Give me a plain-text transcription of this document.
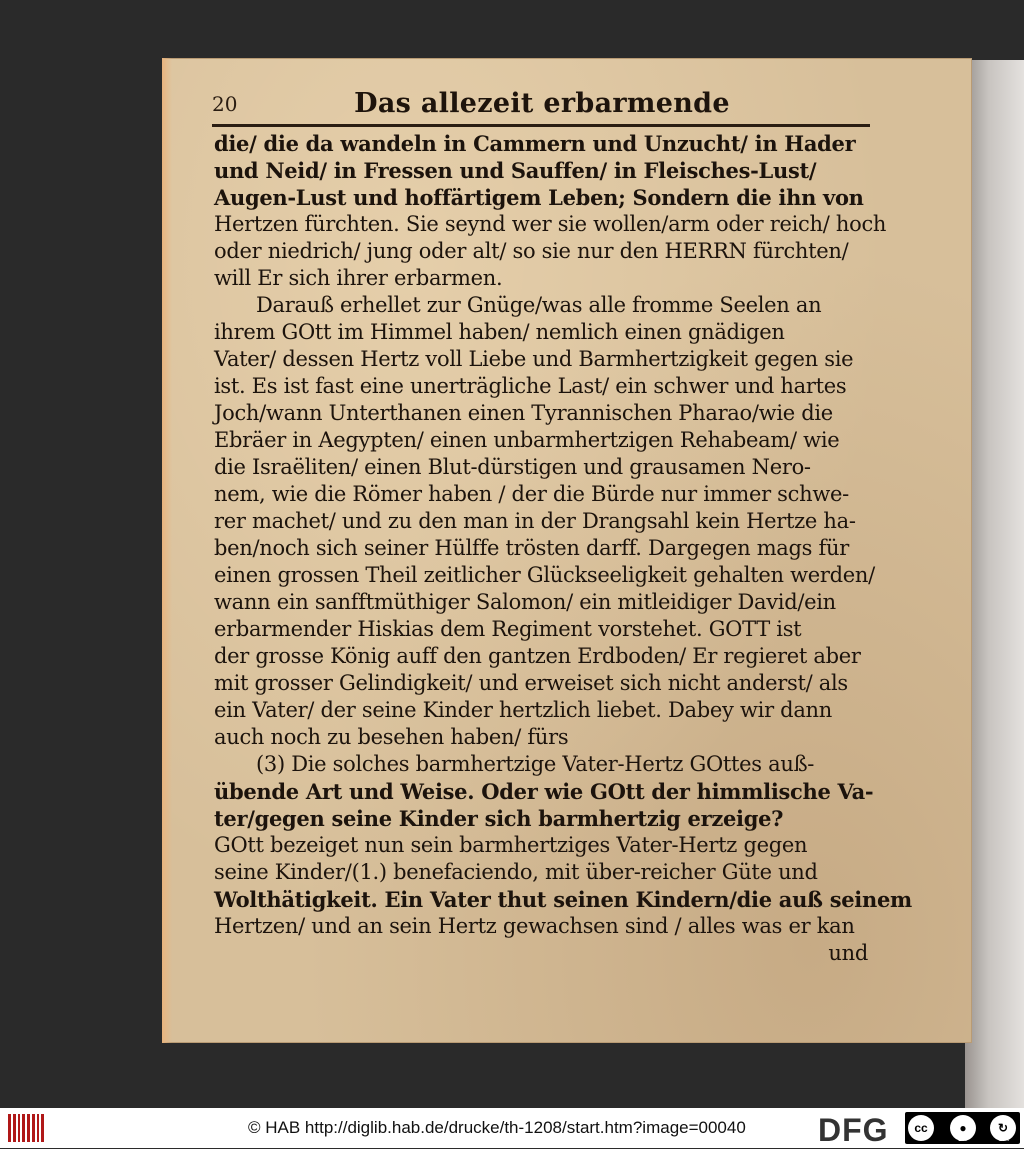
20	Das allezeit erbarmende
die/ die da wandeln in Cammern und Unzucht/ in Hader
und Neid/ in Fressen und Sauffen/ in Fleisches-Lust/
Augen-Lust und hoffärtigem Leben; Sondern die ihn von
Hertzen fürchten. Sie seynd wer sie wollen/arm oder reich/ hoch
oder niedrich/ jung oder alt/ so sie nur den HERRN fürchten/
will Er sich ihrer erbarmen.
Darauß erhellet zur Gnüge/was alle fromme Seelen an
ihrem GOtt im Himmel haben/ nemlich einen gnädigen
Vater/ dessen Hertz voll Liebe und Barmhertzigkeit gegen sie
ist. Es ist fast eine unerträgliche Last/ ein schwer und hartes
Joch/wann Unterthanen einen Tyrannischen Pharao/wie die
Ebräer in Aegypten/ einen unbarmhertzigen Rehabeam/ wie
die Israëliten/ einen Blut-dürstigen und grausamen Nero-
nem, wie die Römer haben / der die Bürde nur immer schwe-
rer machet/ und zu den man in der Drangsahl kein Hertze ha-
ben/noch sich seiner Hülffe trösten darff. Dargegen mags für
einen grossen Theil zeitlicher Glückseeligkeit gehalten werden/
wann ein sanfftmüthiger Salomon/ ein mitleidiger David/ein
erbarmender Hiskias dem Regiment vorstehet. GOTT ist
der grosse König auff den gantzen Erdboden/ Er regieret aber
mit grosser Gelindigkeit/ und erweiset sich nicht anderst/ als
ein Vater/ der seine Kinder hertzlich liebet. Dabey wir dann
auch noch zu besehen haben/ fürs
(3) Die solches barmhertzige Vater-Hertz GOttes auß-
übende Art und Weise. Oder wie GOtt der himmlische Va-
ter/gegen seine Kinder sich barmhertzig erzeige?
GOtt bezeiget nun sein barmhertziges Vater-Hertz gegen
seine Kinder/(1.) benefaciendo, mit über-reicher Güte und
Wolthätigkeit. Ein Vater thut seinen Kindern/die auß seinem
Hertzen/ und an sein Hertz gewachsen sind / alles was er kan
und
© HAB http://diglib.hab.de/drucke/th-1208/start.htm?image=00040 DFG	cc	●	↻
BY	SA
